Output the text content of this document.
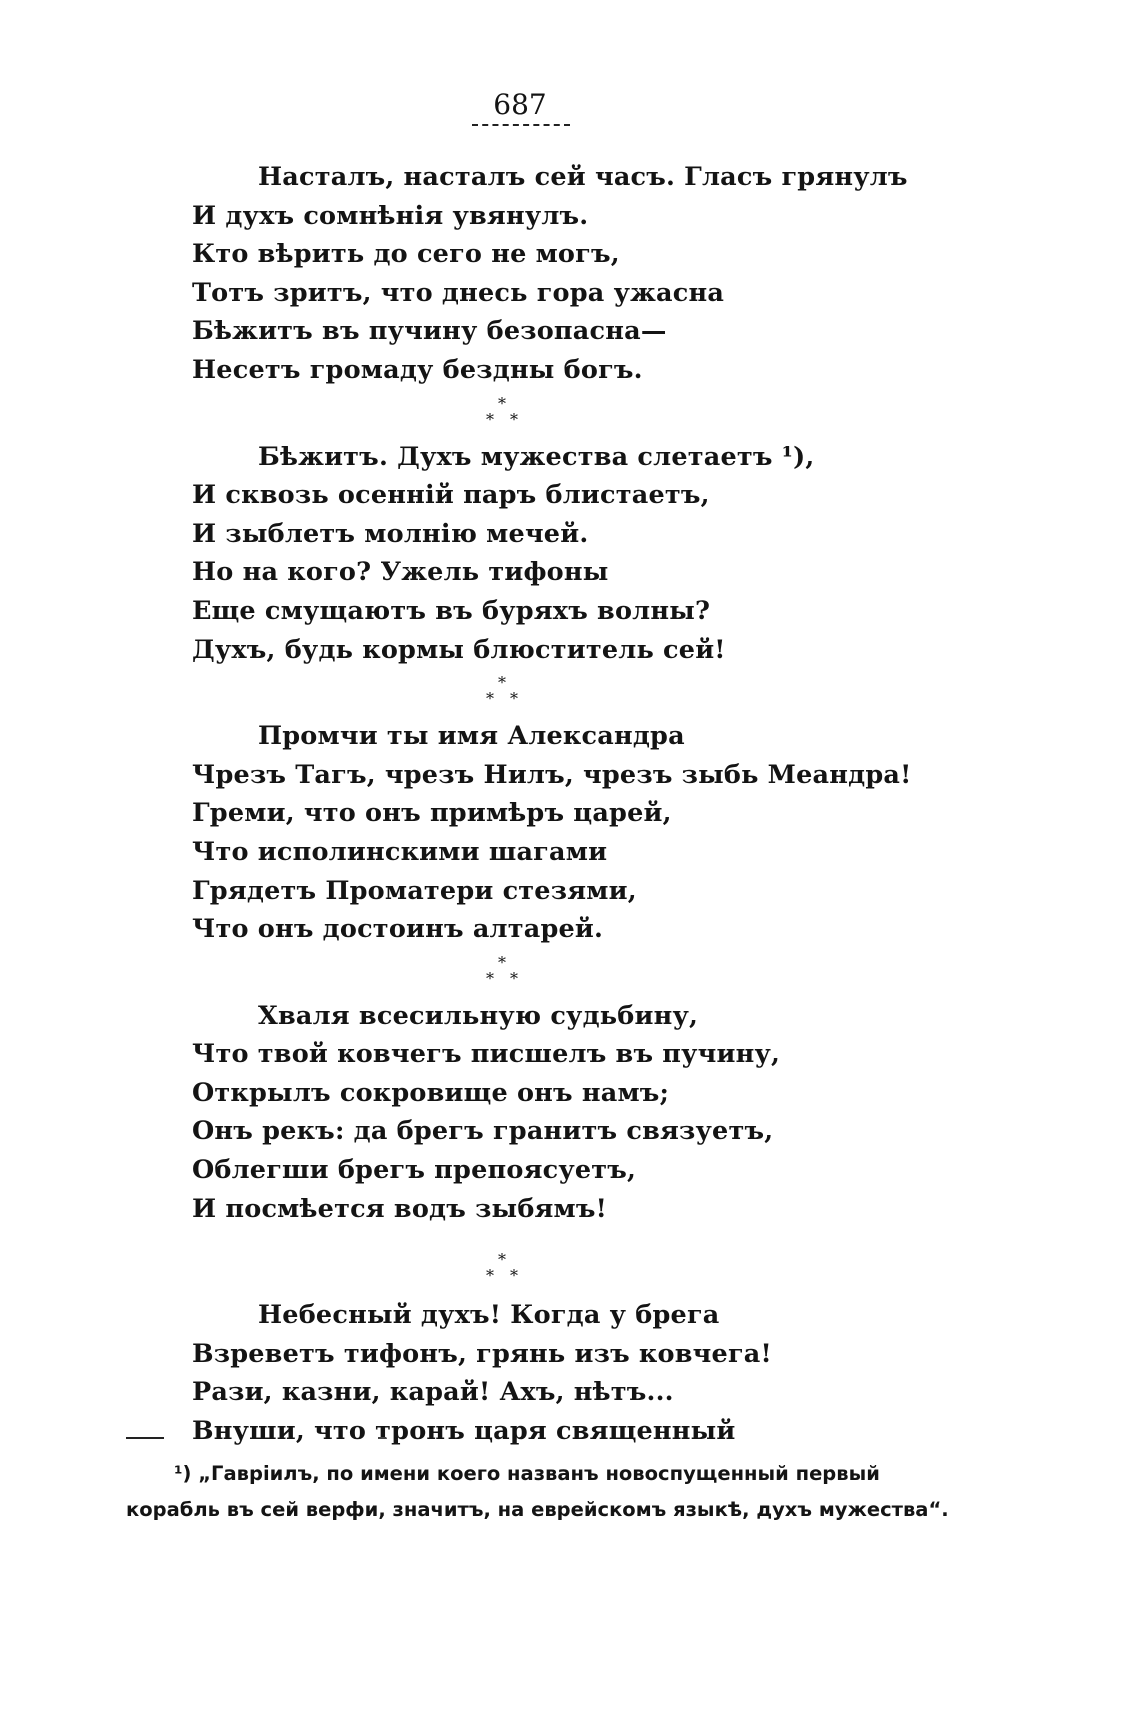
687
Насталъ, насталъ сей часъ. Гласъ грянулъ
И духъ сомнѣнія увянулъ.
Кто вѣрить до сего не могъ,
Тотъ зритъ, что днесь гора ужасна
Бѣжитъ въ пучину безопасна—
Несетъ громаду бездны богъ.
*
* *
Бѣжитъ. Духъ мужества слетаетъ ¹),
И сквозь осенній паръ блистаетъ,
И зыблетъ молнію мечей.
Но на кого? Ужель тифоны
Еще смущаютъ въ буряхъ волны?
Духъ, будь кормы блюститель сей!
*
* *
Промчи ты имя Александра
Чрезъ Тагъ, чрезъ Нилъ, чрезъ зыбь Меандра!
Греми, что онъ примѣръ царей,
Что исполинскими шагами
Грядетъ Проматери стезями,
Что онъ достоинъ алтарей.
*
* *
Хваля всесильную судьбину,
Что твой ковчегъ писшелъ въ пучину,
Открылъ сокровище онъ намъ;
Онъ рекъ: да брегъ гранитъ связуетъ,
Облегши брегъ препоясуетъ,
И посмѣется водъ зыбямъ!
*
* *
Небесный духъ! Когда у брега
Взреветъ тифонъ, грянь изъ ковчега!
Рази, казни, карай! Ахъ, нѣтъ...
Внуши, что тронъ царя священный
¹) „Гавріилъ, по имени коего названъ новоспущенный первый
корабль въ сей верфи, значитъ, на еврейскомъ языкѣ, духъ мужества“.
